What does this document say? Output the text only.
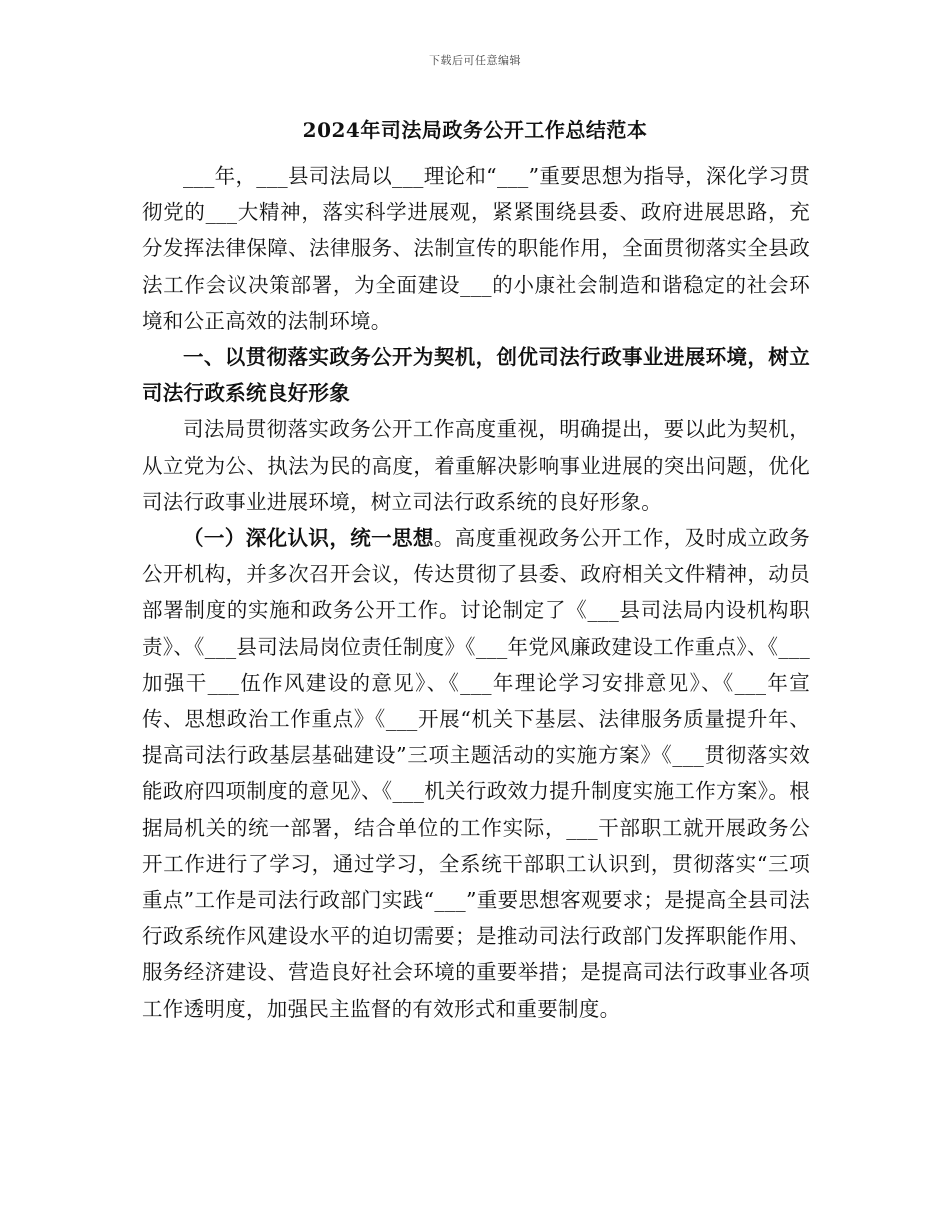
下载后可任意编辑
2024年司法局政务公开工作总结范本

___年，___县司法局以___理论和“___”重要思想为指导，深化学习贯彻党的___大精神，落实科学进展观，紧紧围绕县委、政府进展思路，充分发挥法律保障、法律服务、法制宣传的职能作用，全面贯彻落实全县政法工作会议决策部署，为全面建设___的小康社会制造和谐稳定的社会环境和公正高效的法制环境。

一、以贯彻落实政务公开为契机，创优司法行政事业进展环境，树立司法行政系统良好形象

司法局贯彻落实政务公开工作高度重视，明确提出，要以此为契机，从立党为公、执法为民的高度，着重解决影响事业进展的突出问题，优化司法行政事业进展环境，树立司法行政系统的良好形象。

（一）深化认识，统一思想。高度重视政务公开工作，及时成立政务公开机构，并多次召开会议，传达贯彻了县委、政府相关文件精神，动员部署制度的实施和政务公开工作。讨论制定了《___县司法局内设机构职责》、《___县司法局岗位责任制度》《___年党风廉政建设工作重点》、《___加强干___伍作风建设的意见》、《___年理论学习安排意见》、《___年宣传、思想政治工作重点》《___开展“机关下基层、法律服务质量提升年、提高司法行政基层基础建设”三项主题活动的实施方案》《___贯彻落实效能政府四项制度的意见》、《___机关行政效力提升制度实施工作方案》。根据局机关的统一部署，结合单位的工作实际，___干部职工就开展政务公开工作进行了学习，通过学习，全系统干部职工认识到，贯彻落实“三项重点”工作是司法行政部门实践“___”重要思想客观要求；是提高全县司法行政系统作风建设水平的迫切需要；是推动司法行政部门发挥职能作用、服务经济建设、营造良好社会环境的重要举措；是提高司法行政事业各项工作透明度，加强民主监督的有效形式和重要制度。
